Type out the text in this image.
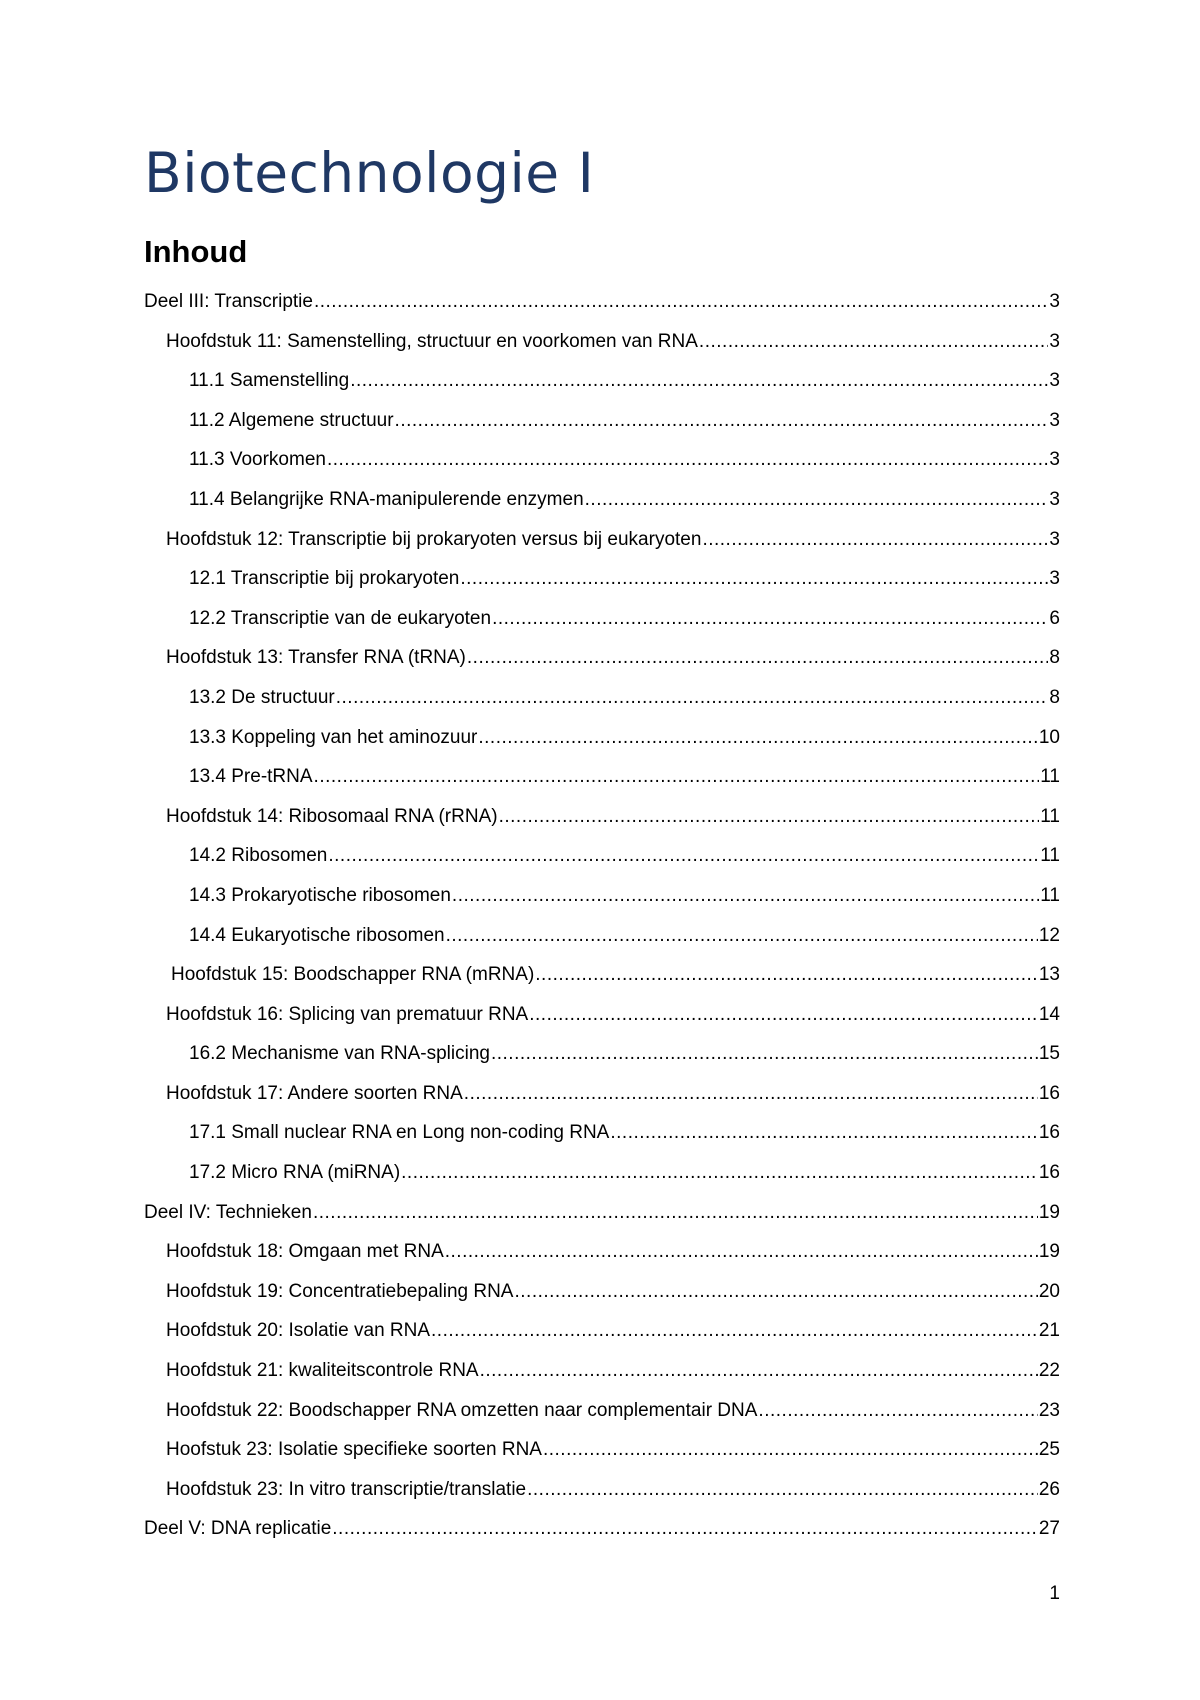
Biotechnologie I
Inhoud
Deel III: Transcriptie .....	3
Hoofdstuk 11: Samenstelling, structuur en voorkomen van RNA .....	3
11.1 Samenstelling .....	3
11.2 Algemene structuur .....	3
11.3 Voorkomen .....	3
11.4 Belangrijke RNA-manipulerende enzymen .....	3
Hoofdstuk 12: Transcriptie bij prokaryoten versus bij eukaryoten .....	3
12.1 Transcriptie bij prokaryoten .....	3
12.2 Transcriptie van de eukaryoten .....	6
Hoofdstuk 13: Transfer RNA (tRNA) .....	8
13.2 De structuur .....	8
13.3 Koppeling van het aminozuur .....	10
13.4 Pre-tRNA .....	11
Hoofdstuk 14: Ribosomaal RNA (rRNA) .....	11
14.2 Ribosomen .....	11
14.3 Prokaryotische ribosomen .....	11
14.4 Eukaryotische ribosomen .....	12
Hoofdstuk 15: Boodschapper RNA (mRNA) .....	13
Hoofdstuk 16: Splicing van prematuur RNA .....	14
16.2 Mechanisme van RNA-splicing .....	15
Hoofdstuk 17: Andere soorten RNA .....	16
17.1 Small nuclear RNA en Long non-coding RNA .....	16
17.2 Micro RNA (miRNA) .....	16
Deel IV: Technieken .....	19
Hoofdstuk 18: Omgaan met RNA .....	19
Hoofdstuk 19: Concentratiebepaling RNA .....	20
Hoofdstuk 20: Isolatie van RNA .....	21
Hoofdstuk 21: kwaliteitscontrole RNA .....	22
Hoofdstuk 22: Boodschapper RNA omzetten naar complementair DNA .....	23
Hoofstuk 23: Isolatie specifieke soorten RNA .....	25
Hoofdstuk 23: In vitro transcriptie/translatie .....	26
Deel V: DNA replicatie .....	27
1
